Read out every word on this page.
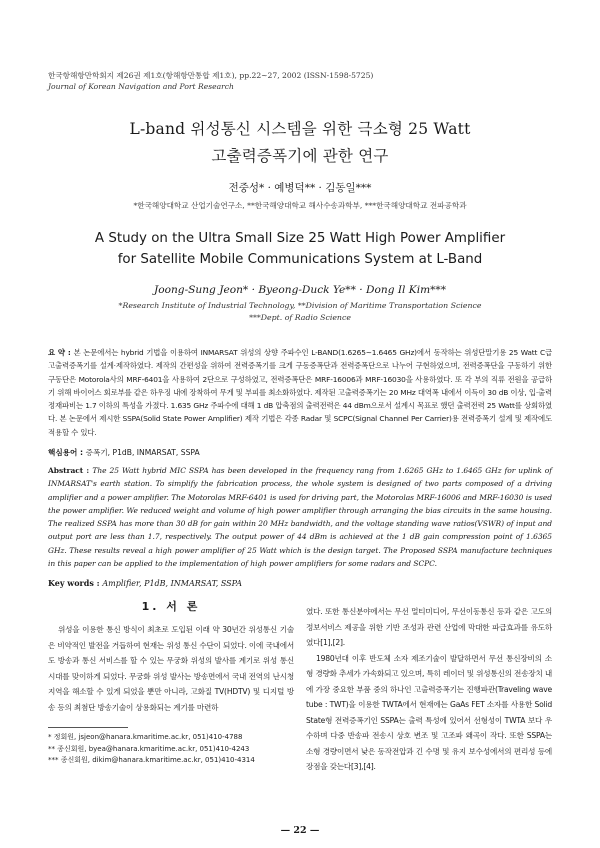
한국항해항만학회지 제26권 제1호(항해항만통합 제1호), pp.22~27, 2002 (ISSN-1598-5725)
Journal of Korean Navigation and Port Research
L-band 위성통신 시스템을 위한 극소형 25 Watt
고출력증폭기에 관한 연구
전중성* · 예병덕** · 김동일***
*한국해양대학교 산업기술연구소, **한국해양대학교 해사수송과학부, ***한국해양대학교 전파공학과
A Study on the Ultra Small Size 25 Watt High Power Amplifier
for Satellite Mobile Communications System at L-Band
Joong-Sung Jeon* · Byeong-Duck Ye** · Dong Il Kim***
*Research Institute of Industrial Technology, **Division of Maritime Transportation Science
***Dept. of Radio Science
요 약 : 본 논문에서는 hybrid 기법을 이용하여 INMARSAT 위성의 상향 주파수인 L-BAND(1.6265~1.6465 GHz)에서 동작하는 위성단말기용 25 Watt C급 고출력증폭기를 설계·제작하였다. 제작의 간편성을 위하여 전력증폭기를 크게 구동증폭단과 전력증폭단으로 나누어 구현하였으며, 전력증폭단을 구동하기 위한 구동단은 Motorola사의 MRF-6401을 사용하여 2단으로 구성하였고, 전력증폭단은 MRF-16006과 MRF-16030을 사용하였다. 또 각 부의 직류 전원을 공급하기 위해 바이어스 회로부를 같은 하우징 내에 장착하여 무게 및 부피를 최소화하였다. 제작된 고출력증폭기는 20 MHz 대역폭 내에서 이득이 30 dB 이상, 입·출력 정재파비는 1.7 이하의 특성을 가졌다. 1.635 GHz 주파수에 대해 1 dB 압축점의 출력전력은 44 dBm으로서 설계시 목표로 했던 출력전력 25 Watt를 상회하였다. 본 논문에서 제시한 SSPA(Solid State Power Amplifier) 제작 기법은 각종 Radar 및 SCPC(Signal Channel Per Carrier)용 전력증폭기 설계 및 제작에도 적용할 수 있다.
핵심용어 : 증폭기, P1dB, INMARSAT, SSPA
Abstract : The 25 Watt hybrid MIC SSPA has been developed in the frequency rang from 1.6265 GHz to 1.6465 GHz for uplink of INMARSAT's earth station. To simplify the fabrication process, the whole system is designed of two parts composed of a driving amplifier and a power amplifier. The Motorolas MRF-6401 is used for driving part, the Motorolas MRF-16006 and MRF-16030 is used the power amplifier. We reduced weight and volume of high power amplifier through arranging the bias circuits in the same housing. The realized SSPA has more than 30 dB for gain within 20 MHz bandwidth, and the voltage standing wave ratios(VSWR) of input and output port are less than 1.7, respectively. The output power of 44 dBm is achieved at the 1 dB gain compression point of 1.6365 GHz. These results reveal a high power amplifier of 25 Watt which is the design target. The Proposed SSPA manufacture techniques in this paper can be applied to the implementation of high power amplifiers for some radars and SCPC.
Key words : Amplifier, P1dB, INMARSAT, SSPA
1. 서 론

위성을 이용한 통신 방식이 최초로 도입된 이래 약 30년간 위성통신 기술은 비약적인 발전을 거듭하여 현재는 위성 통신 수단이 되었다. 이에 국내에서도 방송과 통신 서비스를 할 수 있는 무궁화 위성의 발사를 계기로 위성 통신 시대를 맞이하게 되었다. 무궁화 위성 발사는 방송면에서 국내 전역의 난시청 지역을 해소할 수 있게 되었을 뿐만 아니라, 고화질 TV(HDTV) 및 디지털 방송 등의 최첨단 방송기술이 상용화되는 계기를 마련하

* 정회원, jsjeon@hanara.kmaritime.ac.kr, 051)410-4788
** 종신회원, byea@hanara.kmaritime.ac.kr, 051)410-4243
*** 종신회원, dikim@hanara.kmaritime.ac.kr, 051)410-4314

였다. 또한 통신분야에서는 무선 멀티미디어, 무선이동통신 등과 같은 고도의 정보서비스 제공을 위한 기반 조성과 관련 산업에 막대한 파급효과를 유도하였다[1],[2].

1980년대 이후 반도체 소자 제조기술이 발달하면서 무선 통신장비의 소형 경량화 추세가 가속화되고 있으며, 특히 레이더 및 위성통신의 전송장치 내에 가장 중요한 부품 중의 하나인 고출력증폭기는 진행파관(Traveling wave tube : TWT)을 이용한 TWTA에서 현재에는 GaAs FET 소자를 사용한 Solid State형 전력증폭기인 SSPA는 출력 특성에 있어서 선형성이 TWTA 보다 우수하며 다중 반송파 전송시 상호 변조 및 고조파 왜곡이 작다. 또한 SSPA는 소형 경량이면서 낮은 동작전압과 긴 수명 및 유지 보수성에서의 편리성 등에 장점을 갖는다[3],[4].

— 22 —
